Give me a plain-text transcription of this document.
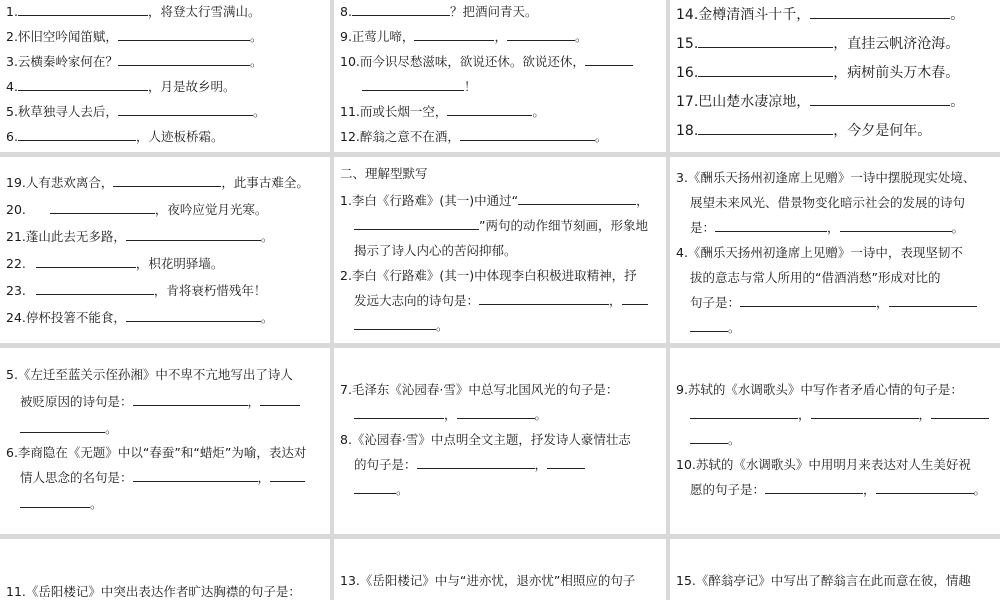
1.	，将登太行雪满山。
2.怀旧空吟闻笛赋，	。
3.云横秦岭家何在？	。
4.	，月是故乡明。
5.秋草独寻人去后，	。
6.	，人迹板桥霜。
8.	？把酒问青天。
9.正莺儿啼，	，	。
10.而今识尽愁滋味，欲说还休。欲说还休，
！
11.而或长烟一空，	。
12.醉翁之意不在酒，	。
14.金樽清酒斗十千，	。
15.	，直挂云帆济沧海。
16.	，病树前头万木春。
17.巴山楚水凄凉地，	。
18.	，今夕是何年。
19.人有悲欢离合，	，此事古难全。
20.	，夜吟应觉月光寒。
21.蓬山此去无多路，	。
22.	，枳花明驿墙。
23.	，肯将衰朽惜残年！
24.停杯投箸不能食，	。
二、理解型默写
1.李白《行路难》(其一)中通过“	，
”两句的动作细节刻画，形象地
揭示了诗人内心的苦闷抑郁。
2.李白《行路难》(其一)中体现李白积极进取精神，抒
发远大志向的诗句是：	，
。
3.《酬乐天扬州初逢席上见赠》一诗中摆脱现实处境、
展望未来风光、借景物变化暗示社会的发展的诗句
是：	，	。
4.《酬乐天扬州初逢席上见赠》一诗中，表现坚韧不
拔的意志与常人所用的“借酒消愁”形成对比的
句子是：	，
。
5.《左迁至蓝关示侄孙湘》中不卑不亢地写出了诗人
被贬原因的诗句是：	，
。
6.李商隐在《无题》中以“春蚕”和“蜡炬”为喻，表达对
情人思念的名句是：	，
。
7.毛泽东《沁园春·雪》中总写北国风光的句子是：
，	。
8.《沁园春·雪》中点明全文主题，抒发诗人豪情壮志
的句子是：	，
。
9.苏轼的《水调歌头》中写作者矛盾心情的句子是：
，	，
。
10.苏轼的《水调歌头》中用明月来表达对人生美好祝
愿的句子是：	，	。
11.《岳阳楼记》中突出表达作者旷达胸襟的句子是：
13.《岳阳楼记》中与“进亦忧，退亦忧”相照应的句子	15.《醉翁亭记》中写出了醉翁言在此而意在彼，情趣
